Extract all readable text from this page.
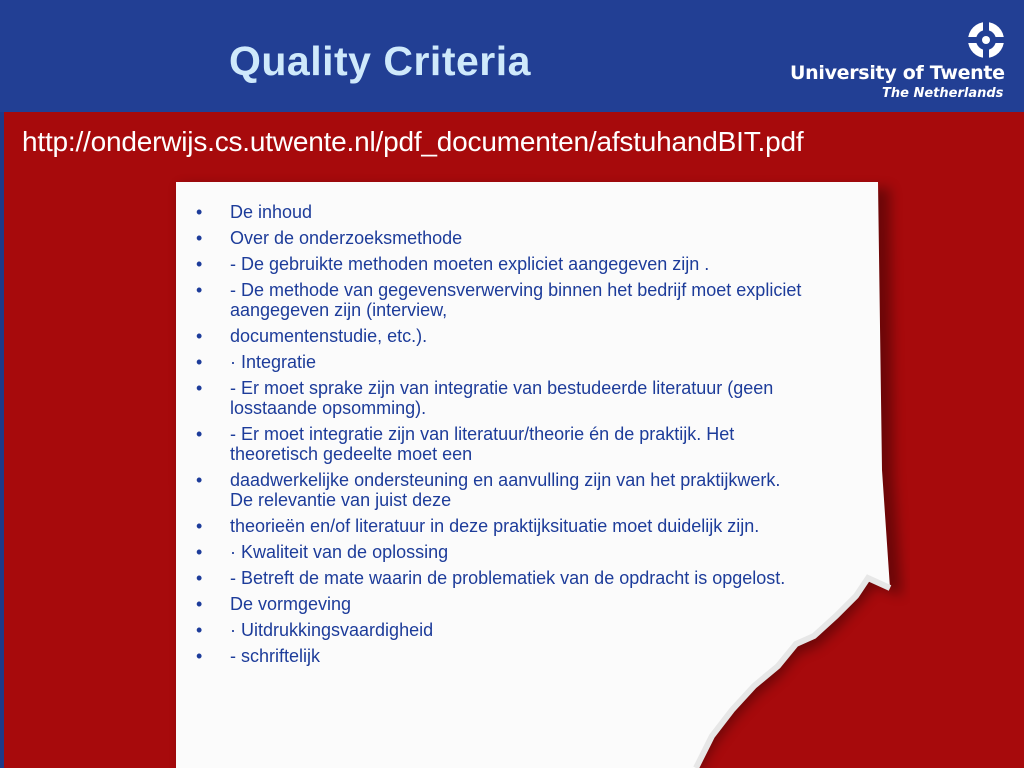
Quality Criteria	University of Twente
The Netherlands
http://onderwijs.cs.utwente.nl/pdf_documenten/afstuhandBIT.pdf
• De inhoud
• Over de onderzoeksmethode
• - De gebruikte methoden moeten expliciet aangegeven zijn .
• - De methode van gegevensverwerving binnen het bedrijf moet expliciet aangegeven zijn (interview,
• documentenstudie, etc.).
• · Integratie
• - Er moet sprake zijn van integratie van bestudeerde literatuur (geen losstaande opsomming).
• - Er moet integratie zijn van literatuur/theorie én de praktijk. Het theoretisch gedeelte moet een
• daadwerkelijke ondersteuning en aanvulling zijn van het praktijkwerk. De relevantie van juist deze
• theorieën en/of literatuur in deze praktijksituatie moet duidelijk zijn.
• · Kwaliteit van de oplossing
• - Betreft de mate waarin de problematiek van de opdracht is opgelost.
• De vormgeving
• · Uitdrukkingsvaardigheid
• - schriftelijk
